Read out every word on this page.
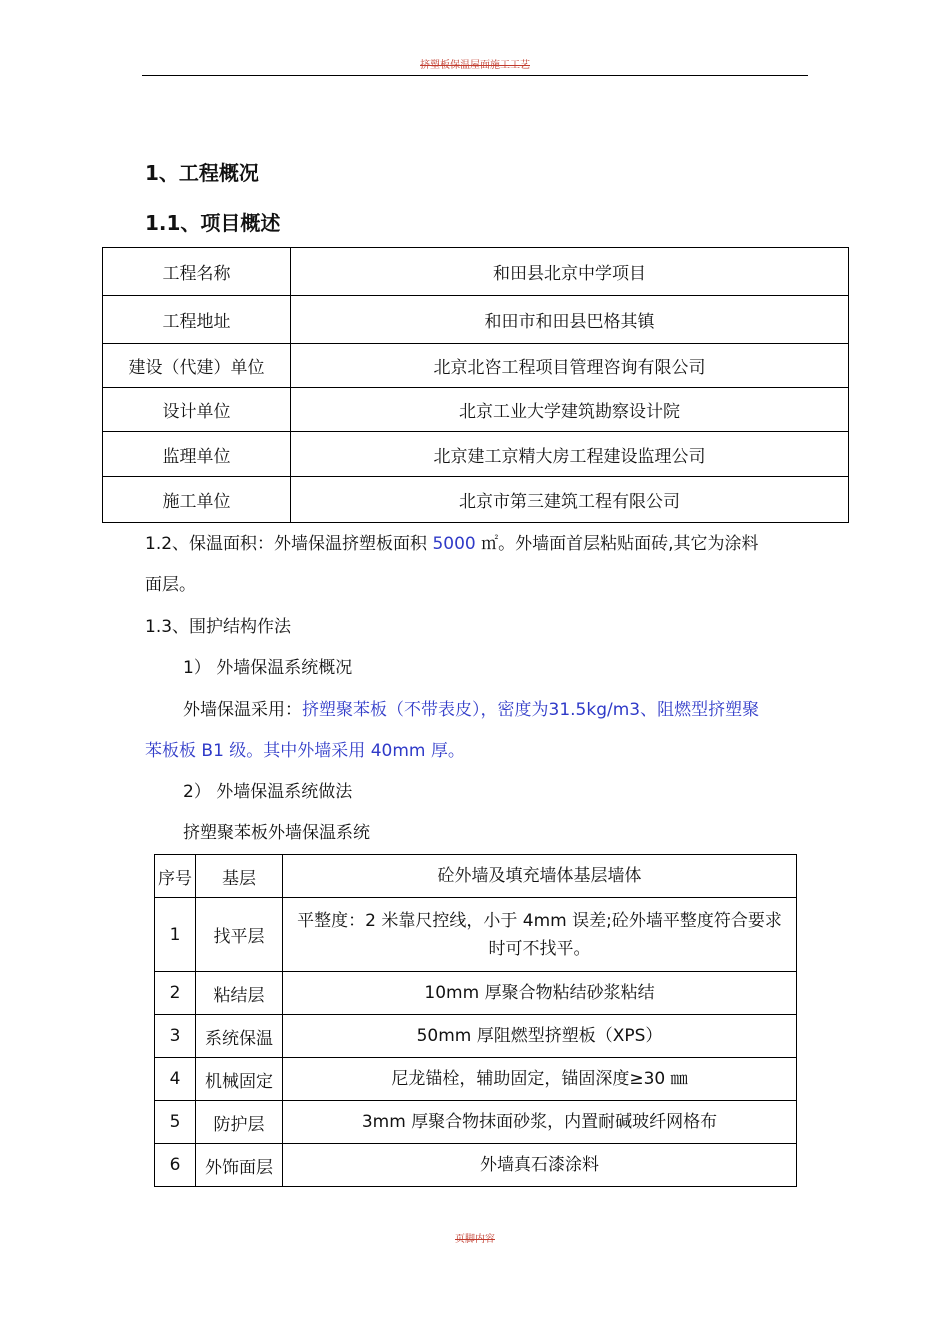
挤塑板保温屋面施工工艺
1、工程概况
1.1、项目概述
工程名称	和田县北京中学项目
工程地址	和田市和田县巴格其镇
建设（代建）单位	北京北咨工程项目管理咨询有限公司
设计单位	北京工业大学建筑勘察设计院
监理单位	北京建工京精大房工程建设监理公司
施工单位	北京市第三建筑工程有限公司
1.2、保温面积：外墙保温挤塑板面积 5000 ㎡。外墙面首层粘贴面砖,其它为涂料
面层。
1.3、围护结构作法
1） 外墙保温系统概况
外墙保温采用：挤塑聚苯板（不带表皮），密度为31.5kg/m3、阻燃型挤塑聚
苯板板 B1 级。其中外墙采用 40mm 厚。
2） 外墙保温系统做法
挤塑聚苯板外墙保温系统
序号	基层	砼外墙及填充墙体基层墙体
1	找平层	平整度：2 米靠尺控线，小于 4mm 误差;砼外墙平整度符合要求时可不找平。
2	粘结层	10mm 厚聚合物粘结砂浆粘结
3	系统保温	50mm 厚阻燃型挤塑板（XPS）
4	机械固定	尼龙锚栓，辅助固定，锚固深度≥30 ㎜
5	防护层	3mm 厚聚合物抹面砂浆，内置耐碱玻纤网格布
6	外饰面层	外墙真石漆涂料
页脚内容
